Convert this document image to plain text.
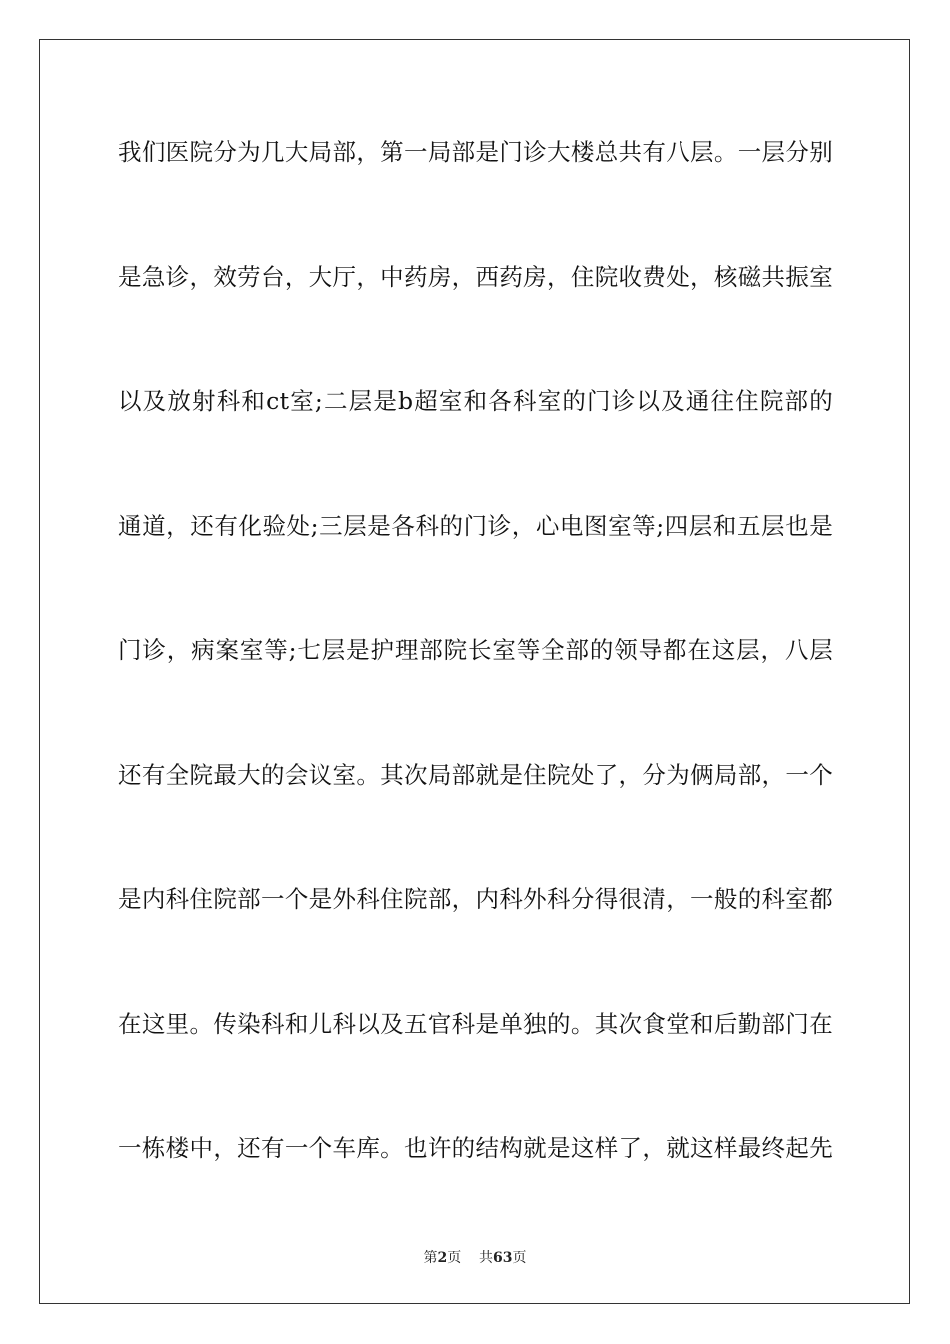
我们医院分为几大局部，第一局部是门诊大楼总共有八层。一层分别
是急诊，效劳台，大厅，中药房，西药房，住院收费处，核磁共振室
以及放射科和ct室;二层是b超室和各科室的门诊以及通往住院部的
通道，还有化验处;三层是各科的门诊，心电图室等;四层和五层也是
门诊，病案室等;七层是护理部院长室等全部的领导都在这层，八层
还有全院最大的会议室。其次局部就是住院处了，分为俩局部，一个
是内科住院部一个是外科住院部，内科外科分得很清，一般的科室都
在这里。传染科和儿科以及五官科是单独的。其次食堂和后勤部门在
一栋楼中，还有一个车库。也许的结构就是这样了，就这样最终起先
第2页 共63页
